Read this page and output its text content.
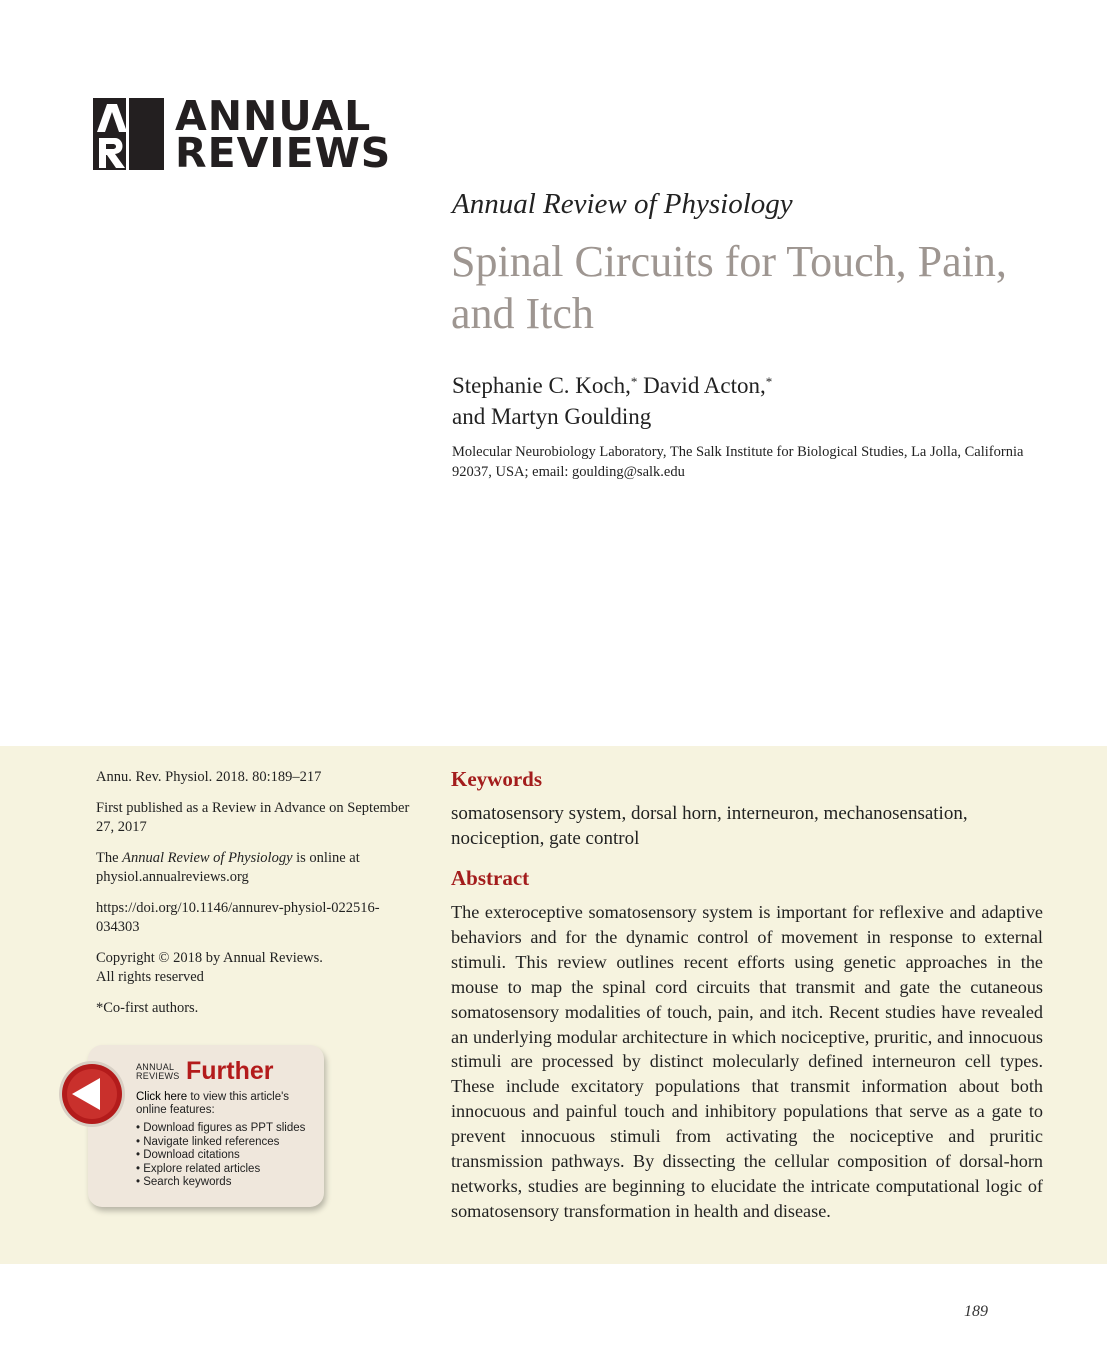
ANNUAL
REVIEWS
Annual Review of Physiology
Spinal Circuits for Touch, Pain, and Itch
Stephanie C. Koch,* David Acton,*
and Martyn Goulding
Molecular Neurobiology Laboratory, The Salk Institute for Biological Studies, La Jolla, California 92037, USA; email: goulding@salk.edu

Annu. Rev. Physiol. 2018. 80:189–217

First published as a Review in Advance on September 27, 2017

The Annual Review of Physiology is online at physiol.annualreviews.org

https://doi.org/10.1146/annurev-physiol-022516-034303

Copyright © 2018 by Annual Reviews.
All rights reserved

*Co-first authors.

ANNUAL
REVIEWS Further
Click here to view this article's online features:
• Download figures as PPT slides
• Navigate linked references
• Download citations
• Explore related articles
• Search keywords
Keywords
somatosensory system, dorsal horn, interneuron, mechanosensation, nociception, gate control
Abstract
The exteroceptive somatosensory system is important for reflexive and adaptive behaviors and for the dynamic control of movement in response to external stimuli. This review outlines recent efforts using genetic approaches in the mouse to map the spinal cord circuits that transmit and gate the cutaneous somatosensory modalities of touch, pain, and itch. Recent studies have revealed an underlying modular architecture in which nociceptive, pruritic, and innocuous stimuli are processed by distinct molecularly defined interneuron cell types. These include excitatory populations that transmit information about both innocuous and painful touch and inhibitory populations that serve as a gate to prevent innocuous stimuli from activating the nociceptive and pruritic transmission pathways. By dissecting the cellular composition of dorsal-horn networks, studies are beginning to elucidate the intricate computational logic of somatosensory transformation in health and disease.
189
